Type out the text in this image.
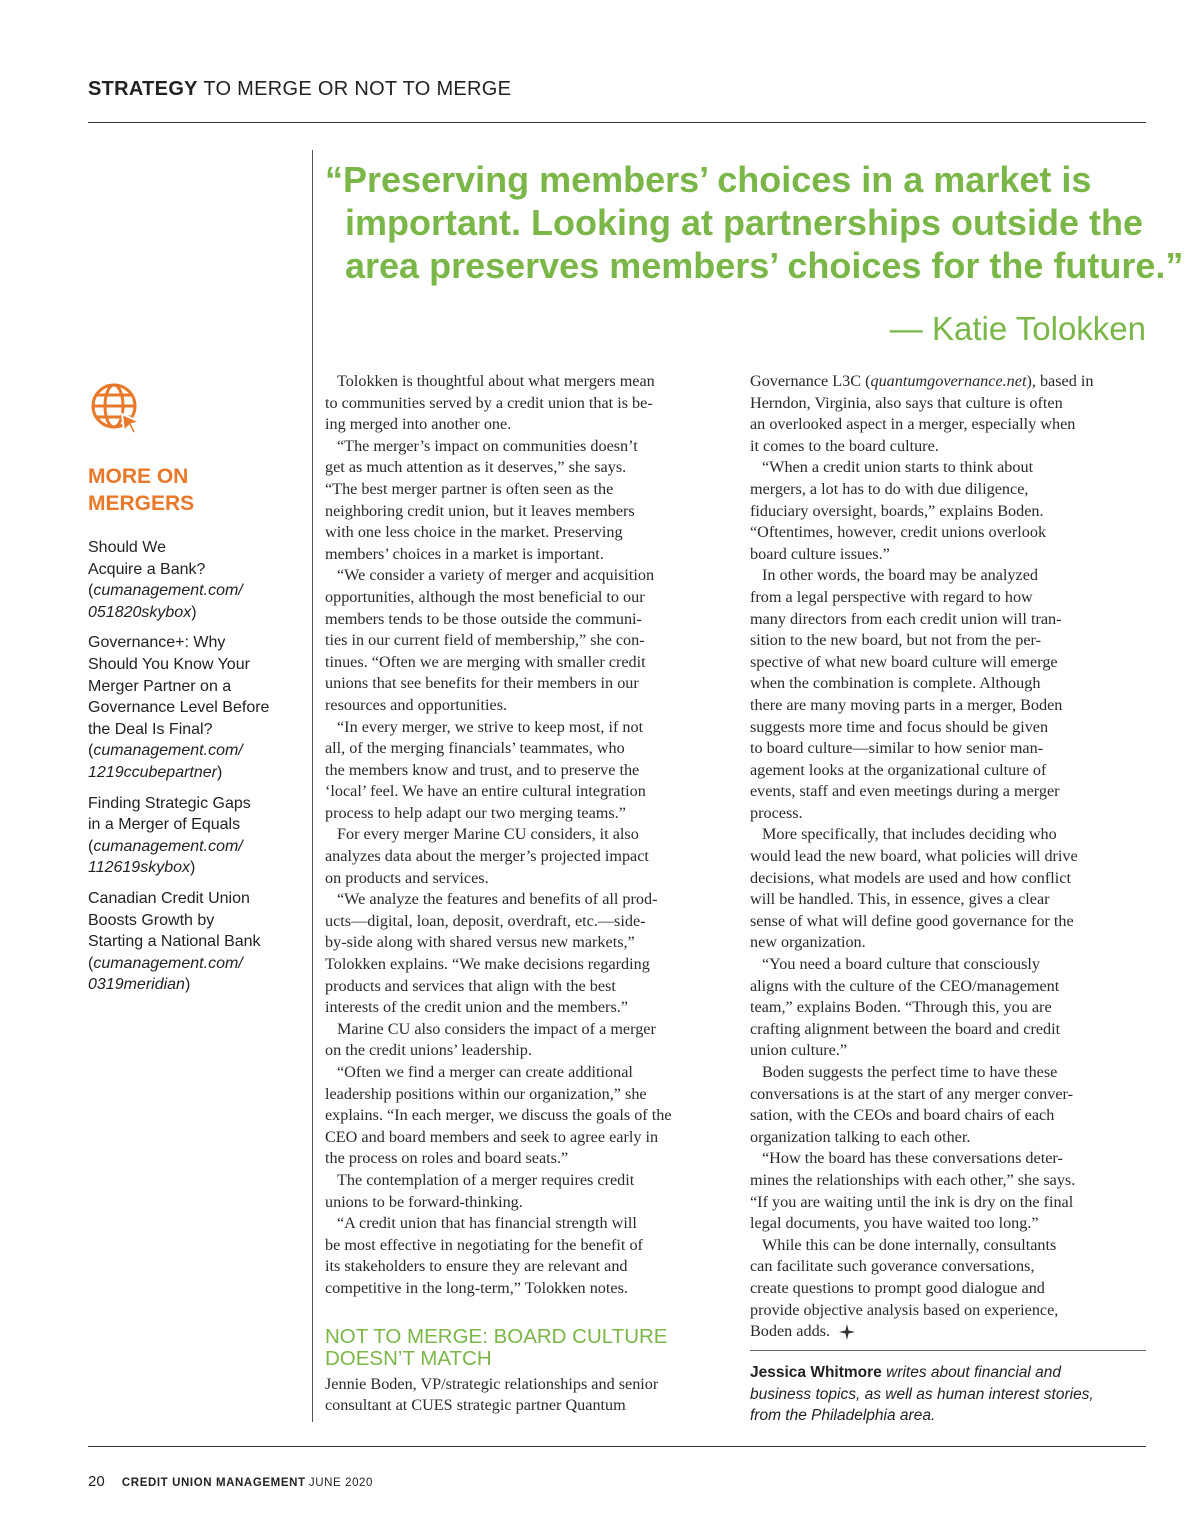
STRATEGY TO MERGE OR NOT TO MERGE
“Preserving members’ choices in a market is
important. Looking at partnerships outside the
area preserves members’ choices for the future.”
— Katie Tolokken
MORE ON
MERGERS
Should We
Acquire a Bank?
(cumanagement.com/
051820skybox)
Governance+: Why
Should You Know Your
Merger Partner on a
Governance Level Before
the Deal Is Final?
(cumanagement.com/
1219ccubepartner)
Finding Strategic Gaps
in a Merger of Equals
(cumanagement.com/
112619skybox)
Canadian Credit Union
Boosts Growth by
Starting a National Bank
(cumanagement.com/
0319meridian)
Tolokken is thoughtful about what mergers mean
to communities served by a credit union that is be-
ing merged into another one.
“The merger’s impact on communities doesn’t
get as much attention as it deserves,” she says.
“The best merger partner is often seen as the
neighboring credit union, but it leaves members
with one less choice in the market. Preserving
members’ choices in a market is important.
“We consider a variety of merger and acquisition
opportunities, although the most beneficial to our
members tends to be those outside the communi-
ties in our current field of membership,” she con-
tinues. “Often we are merging with smaller credit
unions that see benefits for their members in our
resources and opportunities.
“In every merger, we strive to keep most, if not
all, of the merging financials’ teammates, who
the members know and trust, and to preserve the
‘local’ feel. We have an entire cultural integration
process to help adapt our two merging teams.”
For every merger Marine CU considers, it also
analyzes data about the merger’s projected impact
on products and services.
“We analyze the features and benefits of all prod-
ucts—digital, loan, deposit, overdraft, etc.—side-
by-side along with shared versus new markets,”
Tolokken explains. “We make decisions regarding
products and services that align with the best
interests of the credit union and the members.”
Marine CU also considers the impact of a merger
on the credit unions’ leadership.
“Often we find a merger can create additional
leadership positions within our organization,” she
explains. “In each merger, we discuss the goals of the
CEO and board members and seek to agree early in
the process on roles and board seats.”
The contemplation of a merger requires credit
unions to be forward-thinking.
“A credit union that has financial strength will
be most effective in negotiating for the benefit of
its stakeholders to ensure they are relevant and
competitive in the long-term,” Tolokken notes.
NOT TO MERGE: BOARD CULTURE
DOESN’T MATCH
Jennie Boden, VP/strategic relationships and senior
consultant at CUES strategic partner Quantum
Governance L3C (quantumgovernance.net), based in
Herndon, Virginia, also says that culture is often
an overlooked aspect in a merger, especially when
it comes to the board culture.
“When a credit union starts to think about
mergers, a lot has to do with due diligence,
fiduciary oversight, boards,” explains Boden.
“Oftentimes, however, credit unions overlook
board culture issues.”
In other words, the board may be analyzed
from a legal perspective with regard to how
many directors from each credit union will tran-
sition to the new board, but not from the per-
spective of what new board culture will emerge
when the combination is complete. Although
there are many moving parts in a merger, Boden
suggests more time and focus should be given
to board culture—similar to how senior man-
agement looks at the organizational culture of
events, staff and even meetings during a merger
process.
More specifically, that includes deciding who
would lead the new board, what policies will drive
decisions, what models are used and how conflict
will be handled. This, in essence, gives a clear
sense of what will define good governance for the
new organization.
“You need a board culture that consciously
aligns with the culture of the CEO/management
team,” explains Boden. “Through this, you are
crafting alignment between the board and credit
union culture.”
Boden suggests the perfect time to have these
conversations is at the start of any merger conver-
sation, with the CEOs and board chairs of each
organization talking to each other.
“How the board has these conversations deter-
mines the relationships with each other,” she says.
“If you are waiting until the ink is dry on the final
legal documents, you have waited too long.”
While this can be done internally, consultants
can facilitate such goverance conversations,
create questions to prompt good dialogue and
provide objective analysis based on experience,
Boden adds.
Jessica Whitmore writes about financial and
business topics, as well as human interest stories,
from the Philadelphia area.
20 CREDIT UNION MANAGEMENT JUNE 2020
